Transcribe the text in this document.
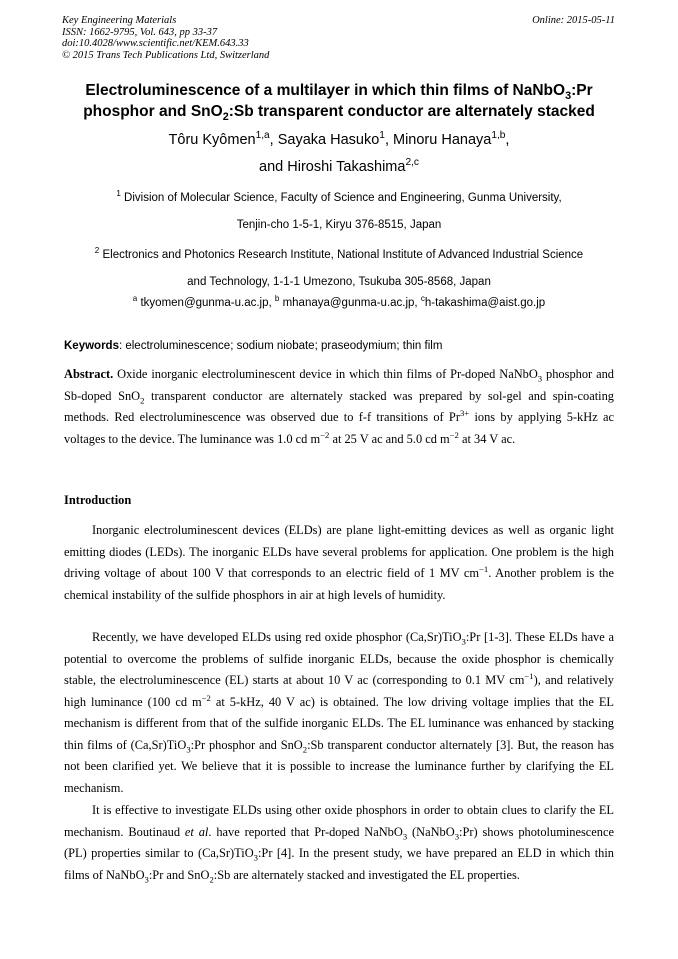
Key Engineering Materials
ISSN: 1662-9795, Vol. 643, pp 33-37
doi:10.4028/www.scientific.net/KEM.643.33
© 2015 Trans Tech Publications Ltd, Switzerland
Online: 2015-05-11
Electroluminescence of a multilayer in which thin films of NaNbO$_3$:Pr
phosphor and SnO$_2$:Sb transparent conductor are alternately stacked
Tôru Kyômen$^{1,a}$, Sayaka Hasuko$^1$, Minoru Hanaya$^{1,b}$,
and Hiroshi Takashima$^{2,c}$
$^1$ Division of Molecular Science, Faculty of Science and Engineering, Gunma University,
Tenjin-cho 1-5-1, Kiryu 376-8515, Japan
$^2$ Electronics and Photonics Research Institute, National Institute of Advanced Industrial Science
and Technology, 1-1-1 Umezono, Tsukuba 305-8568, Japan
$^a$ tkyomen@gunma-u.ac.jp, $^b$ mhanaya@gunma-u.ac.jp, $^c$h-takashima@aist.go.jp
Keywords: electroluminescence; sodium niobate; praseodymium; thin film
Abstract. Oxide inorganic electroluminescent device in which thin films of Pr-doped NaNbO$_3$ phosphor and Sb-doped SnO$_2$ transparent conductor are alternately stacked was prepared by sol-gel and spin-coating methods. Red electroluminescence was observed due to f-f transitions of $Pr^{3+}$ ions by applying 5-kHz ac voltages to the device. The luminance was 1.0 cd $m^{-2}$ at 25 V ac and 5.0 cd $m^{-2}$ at 34 V ac.
Introduction
Inorganic electroluminescent devices (ELDs) are plane light-emitting devices as well as organic light emitting diodes (LEDs). The inorganic ELDs have several problems for application. One problem is the high driving voltage of about 100 V that corresponds to an electric field of 1 MV $cm^{-1}$. Another problem is the chemical instability of the sulfide phosphors in air at high levels of humidity.
Recently, we have developed ELDs using red oxide phosphor (Ca,Sr)TiO$_3$:Pr [1-3]. These ELDs have a potential to overcome the problems of sulfide inorganic ELDs, because the oxide phosphor is chemically stable, the electroluminescence (EL) starts at about 10 V ac (corresponding to 0.1 MV $cm^{-1}$), and relatively high luminance (100 cd $m^{-2}$ at 5-kHz, 40 V ac) is obtained. The low driving voltage implies that the EL mechanism is different from that of the sulfide inorganic ELDs. The EL luminance was enhanced by stacking thin films of (Ca,Sr)TiO$_3$:Pr phosphor and SnO$_2$:Sb transparent conductor alternately [3]. But, the reason has not been clarified yet. We believe that it is possible to increase the luminance further by clarifying the EL mechanism.
It is effective to investigate ELDs using other oxide phosphors in order to obtain clues to clarify the EL mechanism. Boutinaud et al. have reported that Pr-doped NaNbO$_3$ (NaNbO$_3$:Pr) shows photoluminescence (PL) properties similar to (Ca,Sr)TiO$_3$:Pr [4]. In the present study, we have prepared an ELD in which thin films of NaNbO$_3$:Pr and SnO$_2$:Sb are alternately stacked and investigated the EL properties.
